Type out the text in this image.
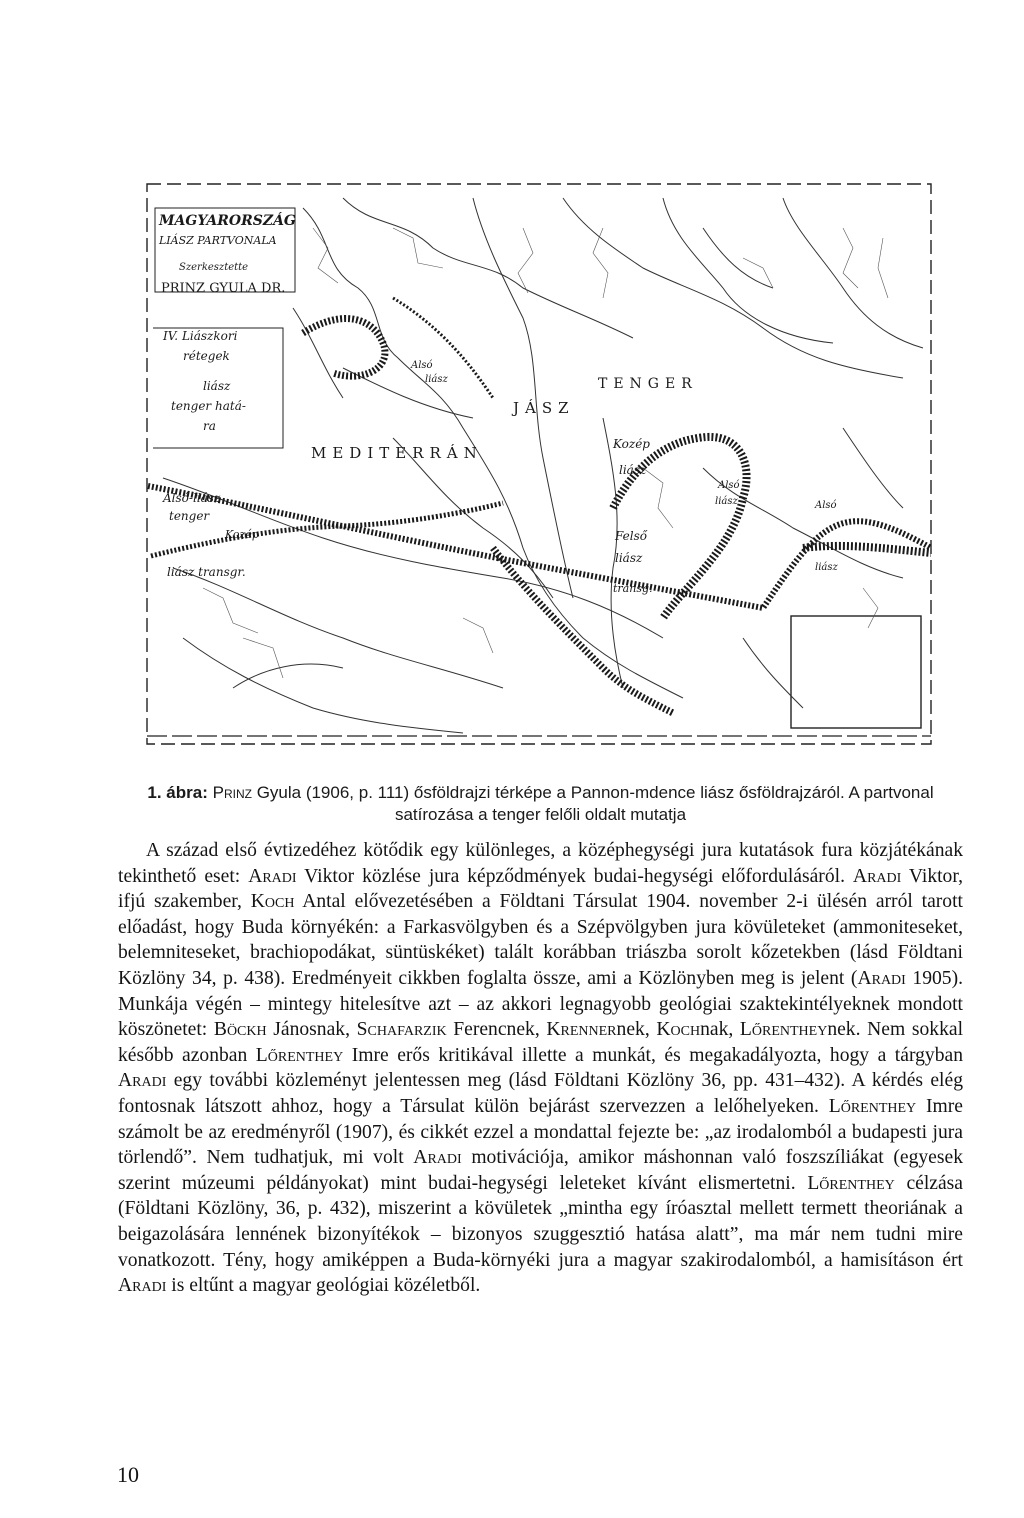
MAGYARORSZÁG
LIÁSZ PARTVONALA
Szerkesztette
PRINZ GYULA DR.
IV. Liászkori
rétegek
liász
tenger hatá-
ra
MEDITERRÁN
JÁSZ
TENGER
Kozép
liász
Felső
liász
transg.
Alsó-liász
tenger
Kozép
liász transgr.
Alsó
liász	Alsó
liász
Alsó
liász
1. ábra: Prinz Gyula (1906, p. 111) ősföldrajzi térképe a Pannon-mdence liász ősföldrajzáról. A partvonal satírozása a tenger felőli oldalt mutatja

A század első évtizedéhez kötődik egy különleges, a középhegységi jura kutatások fura közjátékának tekinthető eset: Aradi Viktor közlése jura képződmények budai-hegységi előfordulásáról. Aradi Viktor, ifjú szakember, Koch Antal elővezetésében a Földtani Társulat 1904. november 2-i ülésén arról tarott előadást, hogy Buda környékén: a Farkasvölgyben és a Szépvölgyben jura kövületeket (ammoniteseket, belemniteseket, brachiopodákat, süntüskéket) talált korábban triászba sorolt kőzetekben (lásd Földtani Közlöny 34, p. 438). Eredményeit cikkben foglalta össze, ami a Közlönyben meg is jelent (Aradi 1905). Munkája végén – mintegy hitelesítve azt – az akkori legnagyobb geológiai szaktekintélyeknek mondott köszönetet: Böckh Jánosnak, Schafarzik Ferencnek, Krennernek, Kochnak, Lőrentheynek. Nem sokkal később azonban Lőrenthey Imre erős kritikával illette a munkát, és megakadályozta, hogy a tárgyban Aradi egy további közleményt jelentessen meg (lásd Földtani Közlöny 36, pp. 431–432). A kérdés elég fontosnak látszott ahhoz, hogy a Társulat külön bejárást szervezzen a lelőhelyeken. Lőrenthey Imre számolt be az eredményről (1907), és cikkét ezzel a mondattal fejezte be: „az irodalomból a budapesti jura törlendő”. Nem tudhatjuk, mi volt Aradi motivációja, amikor máshonnan való foszszíliákat (egyesek szerint múzeumi példányokat) mint budai-hegységi leleteket kívánt elismertetni. Lőrenthey célzása (Földtani Közlöny, 36, p. 432), miszerint a kövületek „mintha egy íróasztal mellett termett theoriának a beigazolására lennének bizonyítékok – bizonyos szuggesztió hatása alatt”, ma már nem tudni mire vonatkozott. Tény, hogy amiképpen a Buda-környéki jura a magyar szakirodalomból, a hamisításon ért Aradi is eltűnt a magyar geológiai közéletből.

10
